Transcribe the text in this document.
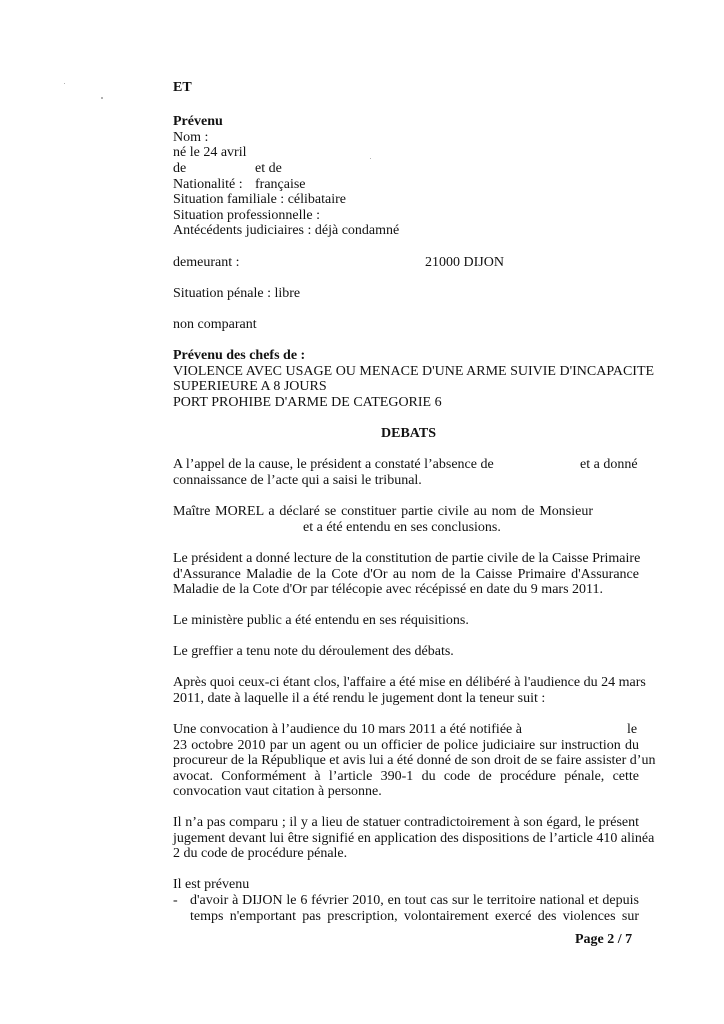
ET
Prévenu
Nom :
né le 24 avril
de	et de
Nationalité : française
Situation familiale : célibataire
Situation professionnelle :
Antécédents judiciaires : déjà condamné
demeurant :	21000 DIJON
Situation pénale : libre
non comparant
Prévenu des chefs de :
VIOLENCE AVEC USAGE OU MENACE D'UNE ARME SUIVIE D'INCAPACITE
SUPERIEURE A 8 JOURS
PORT PROHIBE D'ARME DE CATEGORIE 6
DEBATS
A l’appel de la cause, le président a constaté l’absence de	et a donné
connaissance de l’acte qui a saisi le tribunal.
Maître MOREL a déclaré se constituer partie civile au nom de Monsieur
et a été entendu en ses conclusions.
Le président a donné lecture de la constitution de partie civile de la Caisse Primaire
d'Assurance Maladie de la Cote d'Or au nom de la Caisse Primaire d'Assurance
Maladie de la Cote d'Or par télécopie avec récépissé en date du 9 mars 2011.
Le ministère public a été entendu en ses réquisitions.
Le greffier a tenu note du déroulement des débats.
Après quoi ceux-ci étant clos, l'affaire a été mise en délibéré à l'audience du 24 mars
2011, date à laquelle il a été rendu le jugement dont la teneur suit :
Une convocation à l’audience du 10 mars 2011 a été notifiée à	le
23 octobre 2010 par un agent ou un officier de police judiciaire sur instruction du
procureur de la République et avis lui a été donné de son droit de se faire assister d’un
avocat. Conformément à l’article 390-1 du code de procédure pénale, cette
convocation vaut citation à personne.
Il n’a pas comparu ; il y a lieu de statuer contradictoirement à son égard, le présent
jugement devant lui être signifié en application des dispositions de l’article 410 alinéa
2 du code de procédure pénale.
Il est prévenu
- d'avoir à DIJON le 6 février 2010, en tout cas sur le territoire national et depuis
temps n'emportant pas prescription, volontairement exercé des violences sur
Page 2 / 7
